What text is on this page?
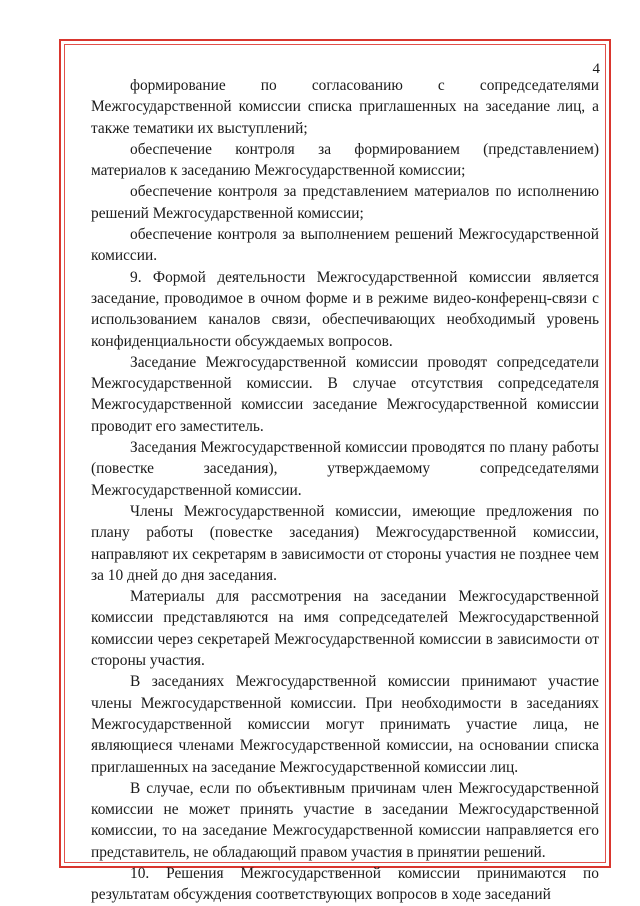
4

формирование по согласованию с сопредседателями Межгосударственной комиссии списка приглашенных на заседание лиц, а также тематики их выступлений;

обеспечение контроля за формированием (представлением) материалов к заседанию Межгосударственной комиссии;

обеспечение контроля за представлением материалов по исполнению решений Межгосударственной комиссии;

обеспечение контроля за выполнением решений Межгосударственной комиссии.

9. Формой деятельности Межгосударственной комиссии является заседание, проводимое в очном форме и в режиме видео-конференц-связи с использованием каналов связи, обеспечивающих необходимый уровень конфиденциальности обсуждаемых вопросов.

Заседание Межгосударственной комиссии проводят сопредседатели Межгосударственной комиссии. В случае отсутствия сопредседателя Межгосударственной комиссии заседание Межгосударственной комиссии проводит его заместитель.

Заседания Межгосударственной комиссии проводятся по плану работы (повестке заседания), утверждаемому сопредседателями Межгосударственной комиссии.

Члены Межгосударственной комиссии, имеющие предложения по плану работы (повестке заседания) Межгосударственной комиссии, направляют их секретарям в зависимости от стороны участия не позднее чем за 10 дней до дня заседания.

Материалы для рассмотрения на заседании Межгосударственной комиссии представляются на имя сопредседателей Межгосударственной комиссии через секретарей Межгосударственной комиссии в зависимости от стороны участия.

В заседаниях Межгосударственной комиссии принимают участие члены Межгосударственной комиссии. При необходимости в заседаниях Межгосударственной комиссии могут принимать участие лица, не являющиеся членами Межгосударственной комиссии, на основании списка приглашенных на заседание Межгосударственной комиссии лиц.

В случае, если по объективным причинам член Межгосударственной комиссии не может принять участие в заседании Межгосударственной комиссии, то на заседание Межгосударственной комиссии направляется его представитель, не обладающий правом участия в принятии решений.

10. Решения Межгосударственной комиссии принимаются по результатам обсуждения соответствующих вопросов в ходе заседаний
